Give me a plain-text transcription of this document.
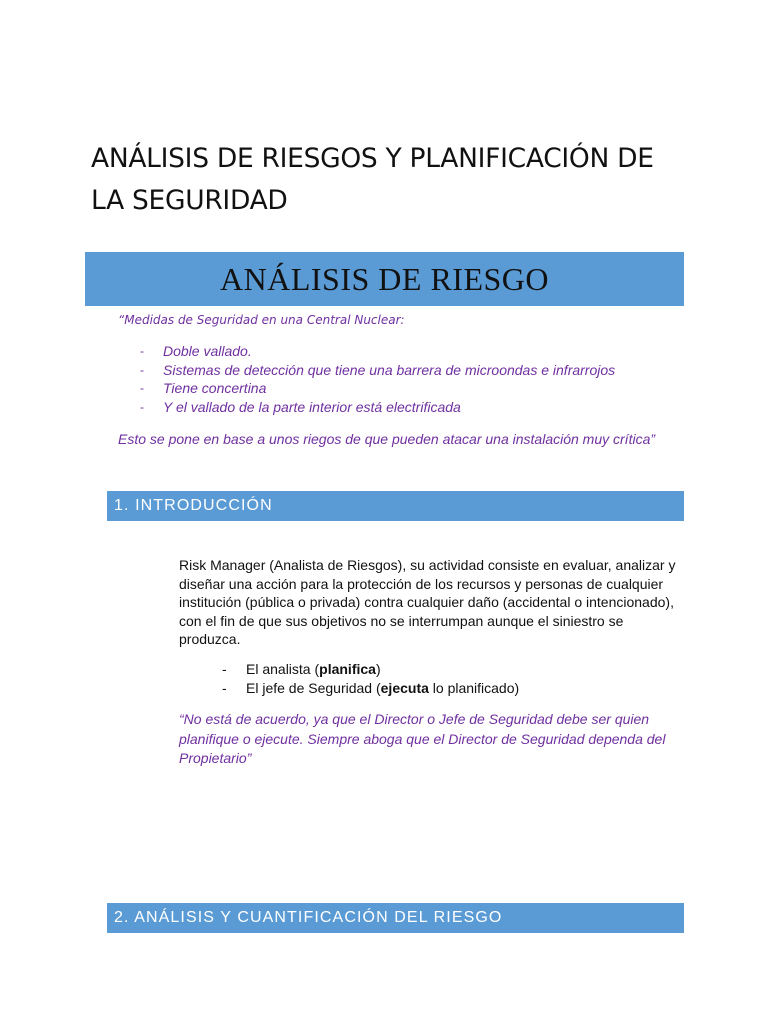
ANÁLISIS DE RIESGOS Y PLANIFICACIÓN DE
LA SEGURIDAD
ANÁLISIS DE RIESGO
“Medidas de Seguridad en una Central Nuclear:
- Doble vallado.
- Sistemas de detección que tiene una barrera de microondas e infrarrojos
- Tiene concertina
- Y el vallado de la parte interior está electrificada
Esto se pone en base a unos riegos de que pueden atacar una instalación muy crítica”
1. INTRODUCCIÓN

Risk Manager (Analista de Riesgos), su actividad consiste en evaluar, analizar y diseñar una acción para la protección de los recursos y personas de cualquier institución (pública o privada) contra cualquier daño (accidental o intencionado), con el fin de que sus objetivos no se interrumpan aunque el siniestro se produzca.

- El analista (planifica)
- El jefe de Seguridad (ejecuta lo planificado)

“No está de acuerdo, ya que el Director o Jefe de Seguridad debe ser quien planifique o ejecute. Siempre aboga que el Director de Seguridad dependa del Propietario”

2. ANÁLISIS Y CUANTIFICACIÓN DEL RIESGO
